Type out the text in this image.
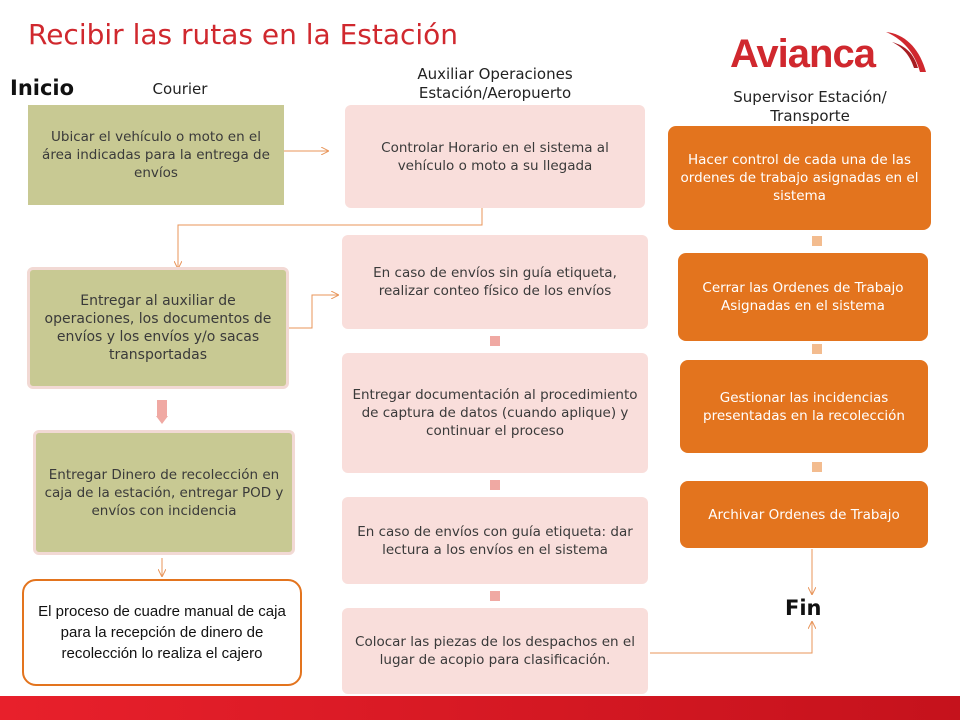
Recibir las rutas en la Estación	Avianca
Inicio	Courier
Auxiliar Operaciones Estación/Aeropuerto	Supervisor Estación/ Transporte
Fin
Ubicar el vehículo o moto en el área indicadas para la entrega de envíos
Entregar al auxiliar de operaciones, los documentos de envíos y los envíos y/o sacas transportadas
Entregar Dinero de recolección en caja de la estación, entregar POD y envíos con incidencia
El proceso de cuadre manual de caja para la recepción de dinero de recolección lo realiza el cajero
Controlar Horario en el sistema al vehículo o moto a su llegada
En caso de envíos sin guía etiqueta, realizar conteo físico de los envíos
Entregar documentación al procedimiento de captura de datos (cuando aplique) y continuar el proceso
En caso de envíos con guía etiqueta: dar lectura a los envíos en el sistema
Colocar las piezas de los despachos en el lugar de acopio para clasificación.
Hacer control de cada una de las ordenes de trabajo asignadas en el sistema
Cerrar las Ordenes de Trabajo Asignadas en el sistema
Gestionar las incidencias presentadas en la recolección
Archivar Ordenes de Trabajo
